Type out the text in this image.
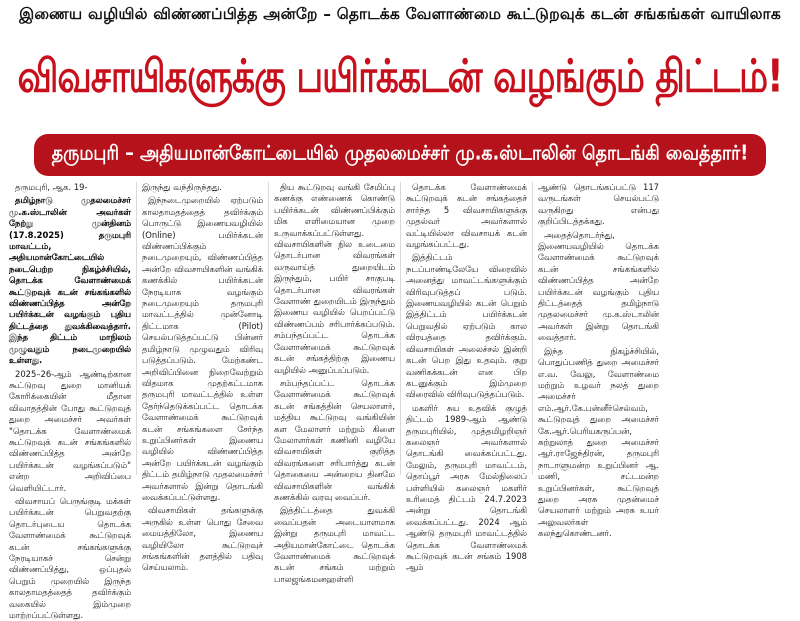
இணைய வழியில் விண்ணப்பித்த அன்றே – தொடக்க வேளாண்மை கூட்டுறவுக் கடன் சங்கங்கள் வாயிலாக
விவசாயிகளுக்கு பயிர்க்கடன் வழங்கும் திட்டம்!
தருமபுரி – அதியமான்கோட்டையில் முதலமைச்சர் மு.க.ஸ்டாலின் தொடங்கி வைத்தார்!

தருமபுரி, ஆக. 19-

தமிழ்நாடு முதலமைச்சர் மு.க.ஸ்டாலின் அவர்கள் நேற்று முன்தினம் (17.8.2025) தருமபுரி மாவட்டம், அதியமான்கோட்டையில் நடைபெற்ற நிகழ்ச்சியில், தொடக்க வேளாண்மைக் கூட்டுறவுக் கடன் சங்கங்களில் விண்ணப்பித்த அன்றே பயிர்க்கடன் வழங்கும் புதிய திட்டத்தை துவக்கிவைத்தார். இந்த திட்டம் மாநிலம் முழுவதும் நடைமுறையில் உள்ளது.

2025–26-ஆம் ஆண்டிற்கான கூட்டுறவு துறை மானியக் கோரிக்கையின் மீதான விவாதத்தின் போது கூட்டுறவுத் துறை அமைச்சர் அவர்கள் "தொடக்க வேளாண்மைக் கூட்டுறவுக் கடன் சங்கங்களில் விண்ணப்பித்த அன்றே பயிர்க்கடன் வழங்கப்படும்" என்ற அறிவிப்பை வெளியிட்டார்.

விவசாயப் பெருங்குடி மக்கள் பயிர்க்கடன் பெறுவதற்கு தொடர்புடைய தொடக்க வேளாண்மைக் கூட்டுறவுக் கடன் சங்கங்களுக்கு நேரடியாகச் சென்று விண்ணப்பித்து, ஒப்புதல் பெறும் முறையில் இருந்த காலதாமதத்தைத் தவிர்க்கும் வகையில் இம்முறை மாற்றப்பட்டுள்ளது.

இருந்து வந்திருந்தது.

இந்நடைமுறையில் ஏற்படும் காலதாமதத்தைத் தவிர்க்கும் பொருட்டு இணையவழியில் (Online) பயிர்க்கடன் விண்ணப்பிக்கும் நடைமுறையும், விண்ணப்பித்த அன்றே விவசாயிகளின் வங்கிக் கணக்கில் பயிர்க்கடன் நேரடியாக வழங்கும் நடைமுறையும் தருமபுரி மாவட்டத்தில் முன்னோடி திட்டமாக (Pilot) செயல்படுத்தப்பட்டு பின்னர் தமிழ்நாடு முழுவதும் விரிவு படுத்தப்படும். மேற்கண்ட அறிவிப்பினை நிறைவேற்றும் விதமாக முதற்கட்டமாக தருமபுரி மாவட்டத்தில் உள்ள தேர்ந்தெடுக்கப்பட்ட தொடக்க வேளாண்மைக் கூட்டுறவுக் கடன் சங்கங்களை சேர்ந்த உறுப்பினர்கள் இணைய வழியில் விண்ணப்பித்த அன்றே பயிர்க்கடன் வழங்கும் திட்டம் தமிழ்நாடு முதலமைச்சர் அவர்களால் இன்று தொடங்கி வைக்கப்பட்டுள்ளது.

விவசாயிகள் தங்களுக்கு அருகில் உள்ள பொது சேவை மையத்திலோ, இணைய வழியிலோ கூட்டுறவுச் சங்கங்களின் தளத்தில் பதிவு செய்யலாம்.

திய கூட்டுறவு வங்கி சேமிப்பு கணக்கு எண்ணைக் கொண்டு பயிர்க்கடன் விண்ணப்பிக்கும் மிக எளிமையான முறை உருவாக்கப்பட்டுள்ளது. விவசாயிகளின் நில உடைமை தொடர்பான விவரங்கள் வருவாய்த் துறையிடம் இருந்தும், பயிர் சாகுபடி தொடர்பான விவரங்கள் வேளாண் துறையிடம் இருந்தும் இணைய வழியில் பெறப்பட்டு விண்ணப்பம் சரிபார்க்கப்படும். சம்பந்தப்பட்ட தொடக்க வேளாண்மைக் கூட்டுறவுக் கடன் சங்கத்திற்கு இணைய வழியில் அனுப்பப்படும்.

சம்பந்தப்பட்ட தொடக்க வேளாண்மைக் கூட்டுறவுக் கடன் சங்கத்தின் செயலாளர், மத்திய கூட்டுறவு வங்கியின் கள மேலாளர் மற்றும் கிளை மேலாளர்கள் கணினி வழியே விவசாயிகள் குறித்த விவரங்களை சரிபார்த்து கடன் தொகையை அன்றைய தினமே விவசாயிகளின் வங்கிக் கணக்கில் வரவு வைப்பர்.

இத்திட்டத்தை துவக்கி வைப்பதன் அடையாளமாக இன்று தருமபுரி மாவட்ட அதியமான்கோட்டை தொடக்க வேளாண்மைக் கூட்டுறவுக் கடன் சங்கம் மற்றும் பாலஜங்கமனஹள்ளி

தொடக்க வேளாண்மைக் கூட்டுறவுக் கடன் சங்கத்தைச் சார்ந்த 5 விவசாயிகளுக்கு முதல்வர் அவர்களால் வட்டியில்லா விவசாயக் கடன் வழங்கப்பட்டது.

இத்திட்டம் நடப்பாண்டிலேயே விரைவில் அனைத்து மாவட்டங்களுக்கும் விரிவுபடுத்தப் படும். இணையவழியில் கடன் பெறும் இத்திட்டம் பயிர்க்கடன் பெறுவதில் ஏற்படும் கால விரயத்தை தவிர்க்கும். விவசாயிகள் அலைச்சல் இன்றி கடன் பெற இது உதவும். குறு வணிகக்கடன் என பிற கடனுக்கும் இம்முறை விரைவில் விரிவுபடுத்தப்படும்.

மகளிர் சுய உதவிக் குழுத் திட்டம் 1989-ஆம் ஆண்டு தருமபுரியில், முத்தமிழறிஞர் கலைஞர் அவர்களால் தொடங்கி வைக்கப்பட்டது. மேலும், தருமபுரி மாவட்டம், தொப்பூர் அரசு மேல்நிலைப் பள்ளியில் கலைஞர் மகளிர் உரிமைத் திட்டம் 24.7.2023 அன்று தொடங்கி வைக்கப்பட்டது. 2024 ஆம் ஆண்டு தருமபுரி மாவட்டத்தில் தொடக்க வேளாண்மைக் கூட்டுறவுக் கடன் சங்கம் 1908 ஆம்

ஆண்டு தொடங்கப்பட்டு 117 வருடங்கள் செயல்பட்டு வருகிறது என்பது குறிப்பிடத்தக்கது.

அதைத்தொடர்ந்து, இணையவழியில் தொடக்க வேளாண்மைக் கூட்டுறவுக் கடன் சங்கங்களில் விண்ணப்பித்த அன்றே பயிர்க்கடன் வழங்கும் புதிய திட்டத்தைத் தமிழ்நாடு முதலமைச்சர் மு.க.ஸ்டாலின் அவர்கள் இன்று தொடங்கி வைத்தார்.

இந்த நிகழ்ச்சியில், பொதுப்பணித் துறை அமைச்சர் எ.வ. வேலு, வேளாண்மை மற்றும் உழவர் நலத் துறை அமைச்சர் எம்.ஆர்.கே.பன்னீர்செல்வம், கூட்டுறவுத் துறை அமைச்சர் கே.ஆர்.பெரியகருப்பன், சுற்றுலாத் துறை அமைச்சர் ஆர்.ராஜேந்திரன், தருமபுரி நாடாளுமன்ற உறுப்பினர் ஆ. மணி, சட்டமன்ற உறுப்பினர்கள், கூட்டுறவுத் துறை அரசு முதன்மைச் செயலாளர் மற்றும் அரசு உயர் அலுவலர்கள் கலந்துகொண்டனர்.
